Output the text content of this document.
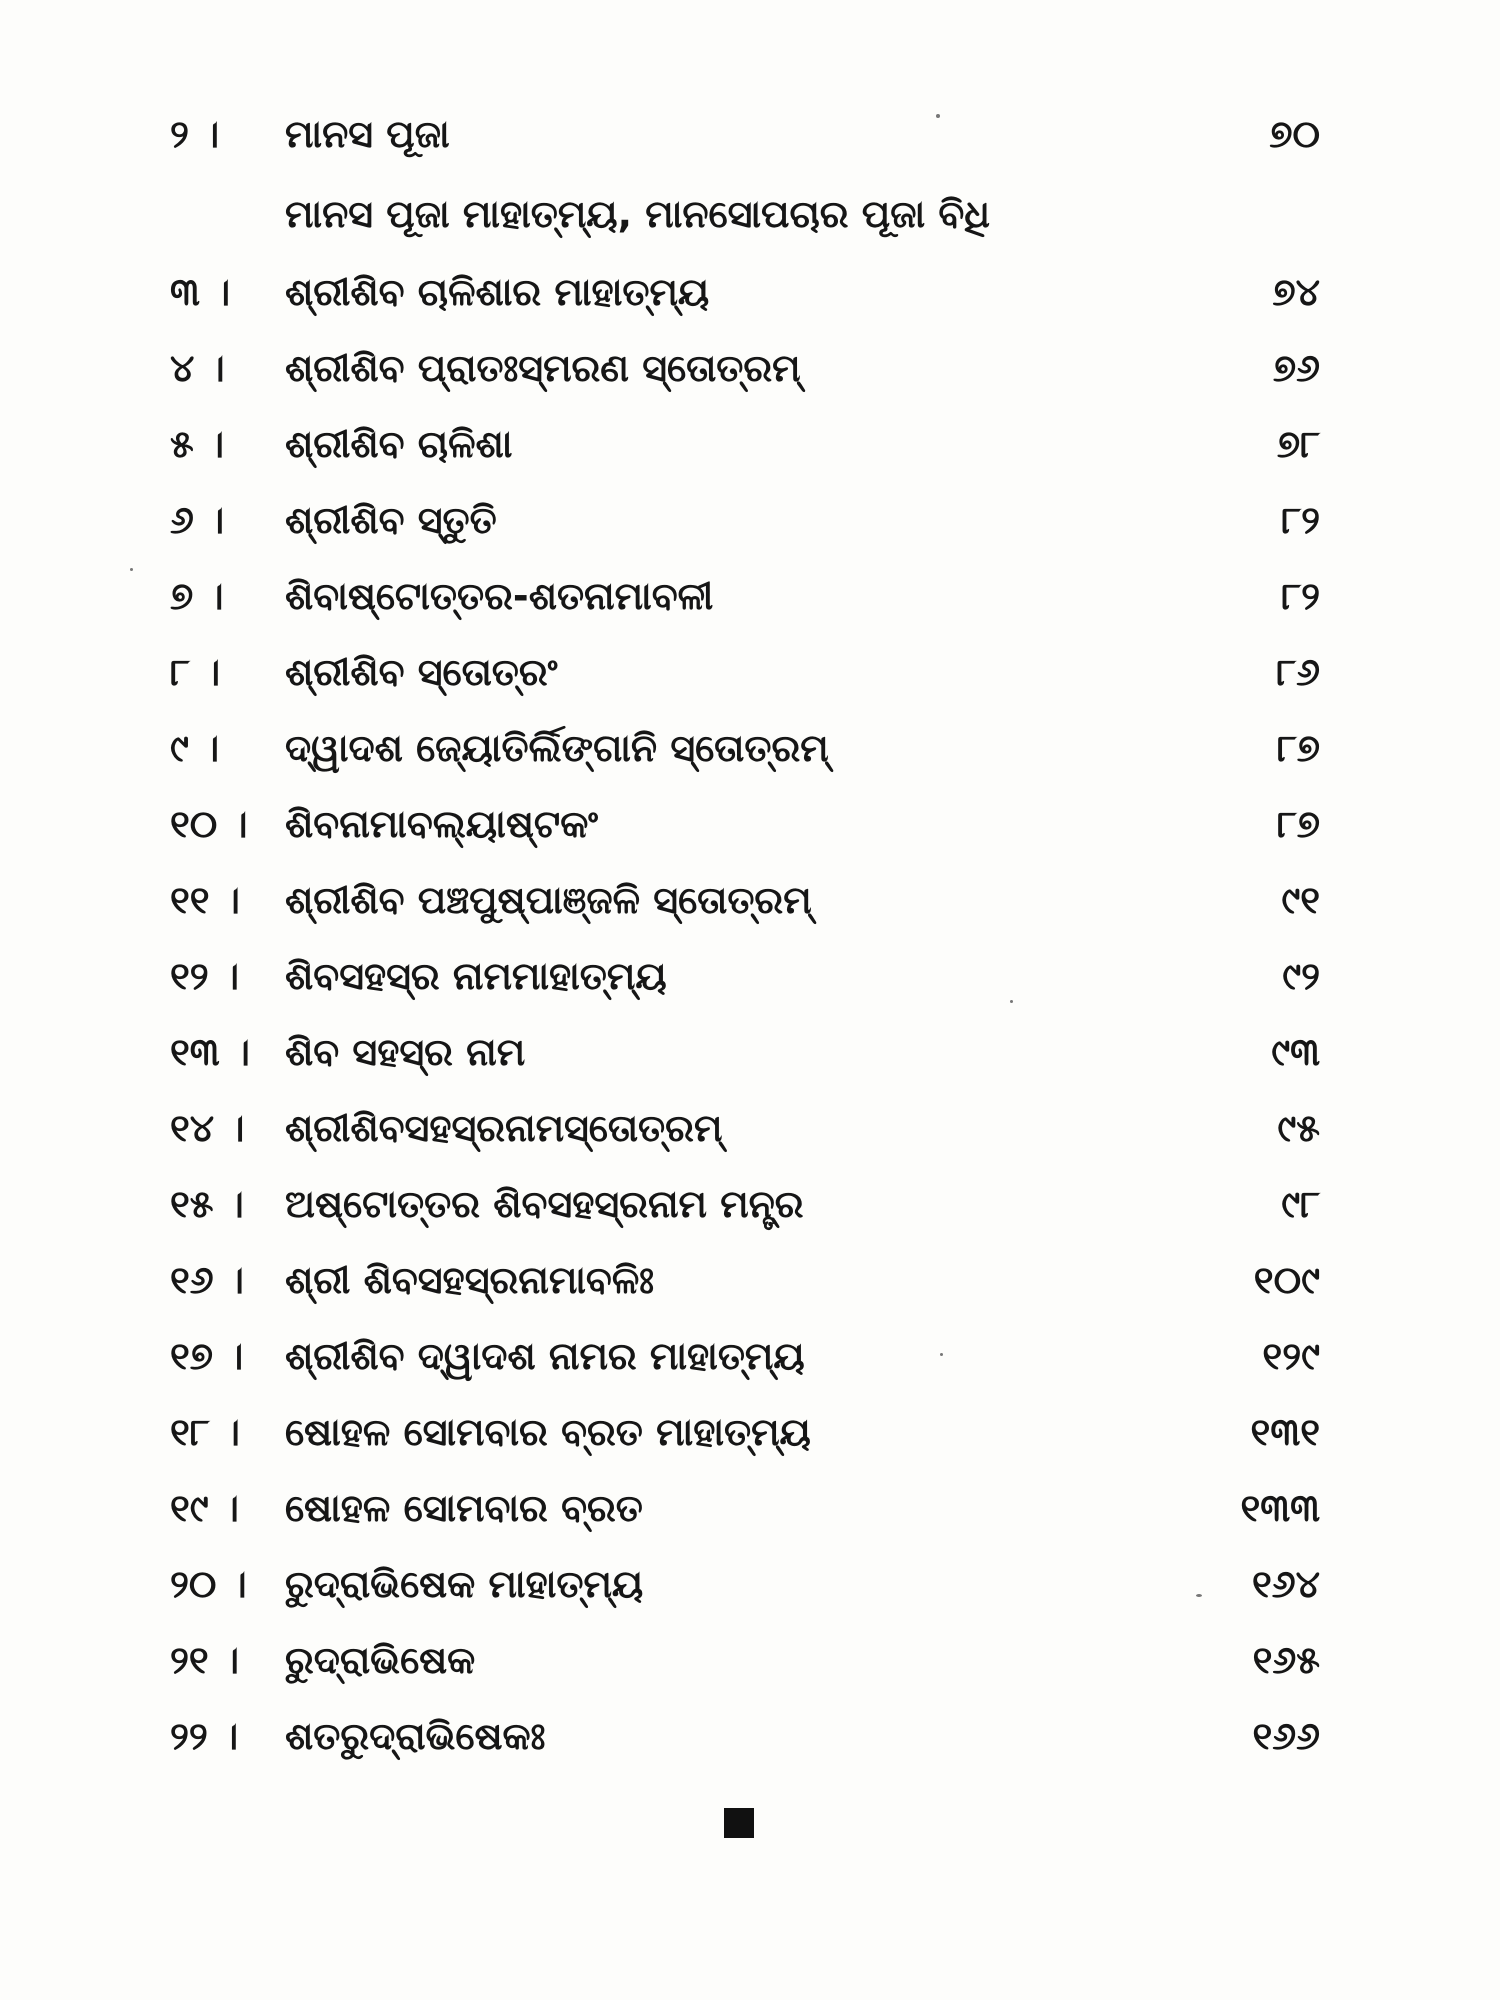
୨ ।	ମାନସ ପୂଜା	୭୦
ମାନସ ପୂଜା ମାହାତ୍ମ୍ୟ, ମାନସୋପଚାର ପୂଜା ବିଧି
୩ ।	ଶ୍ରୀଶିବ ଚାଳିଶାର ମାହାତ୍ମ୍ୟ	୭୪
୪ ।	ଶ୍ରୀଶିବ ପ୍ରାତଃସ୍ମରଣ ସ୍ତୋତ୍ରମ୍	୭୬
୫ ।	ଶ୍ରୀଶିବ ଚାଳିଶା	୭୮
୬ ।	ଶ୍ରୀଶିବ ସ୍ତୁତି	୮୨
୭ ।	ଶିବାଷ୍ଟୋତ୍ତର-ଶତନାମାବଳୀ	୮୨
୮ ।	ଶ୍ରୀଶିବ ସ୍ତୋତ୍ରଂ	୮୬
୯ ।	ଦ୍ୱାଦଶ ଜ୍ୟୋତିର୍ଲିଙ୍ଗାନି ସ୍ତୋତ୍ରମ୍	୮୭
୧୦ । ଶିବନାମାବଲ୍ୟାଷ୍ଟକଂ	୮୭
୧୧ ।	ଶ୍ରୀଶିବ ପଞ୍ଚପୁଷ୍ପାଞ୍ଜଳି ସ୍ତୋତ୍ରମ୍	୯୧
୧୨ ।	ଶିବସହସ୍ର ନାମମାହାତ୍ମ୍ୟ	୯୨
୧୩ । ଶିବ ସହସ୍ର ନାମ	୯୩
୧୪ ।	ଶ୍ରୀଶିବସହସ୍ରନାମସ୍ତୋତ୍ରମ୍	୯୫
୧୫ ।	ଅଷ୍ଟୋତ୍ତର ଶିବସହସ୍ରନାମ ମନ୍ତ୍ର	୯୮
୧୬ ।	ଶ୍ରୀ ଶିବସହସ୍ରନାମାବଳିଃ	୧୦୯
୧୭ ।	ଶ୍ରୀଶିବ ଦ୍ୱାଦଶ ନାମର ମାହାତ୍ମ୍ୟ	୧୨୯
୧୮ ।	ଷୋହଳ ସୋମବାର ବ୍ରତ ମାହାତ୍ମ୍ୟ	୧୩୧
୧୯ ।	ଷୋହଳ ସୋମବାର ବ୍ରତ	୧୩୩
୨୦ ।	ରୁଦ୍ରାଭିଷେକ ମାହାତ୍ମ୍ୟ	୧୬୪
୨୧ ।	ରୁଦ୍ରାଭିଷେକ	୧୬୫
୨୨ ।	ଶତରୁଦ୍ରାଭିଷେକଃ	୧୬୬
